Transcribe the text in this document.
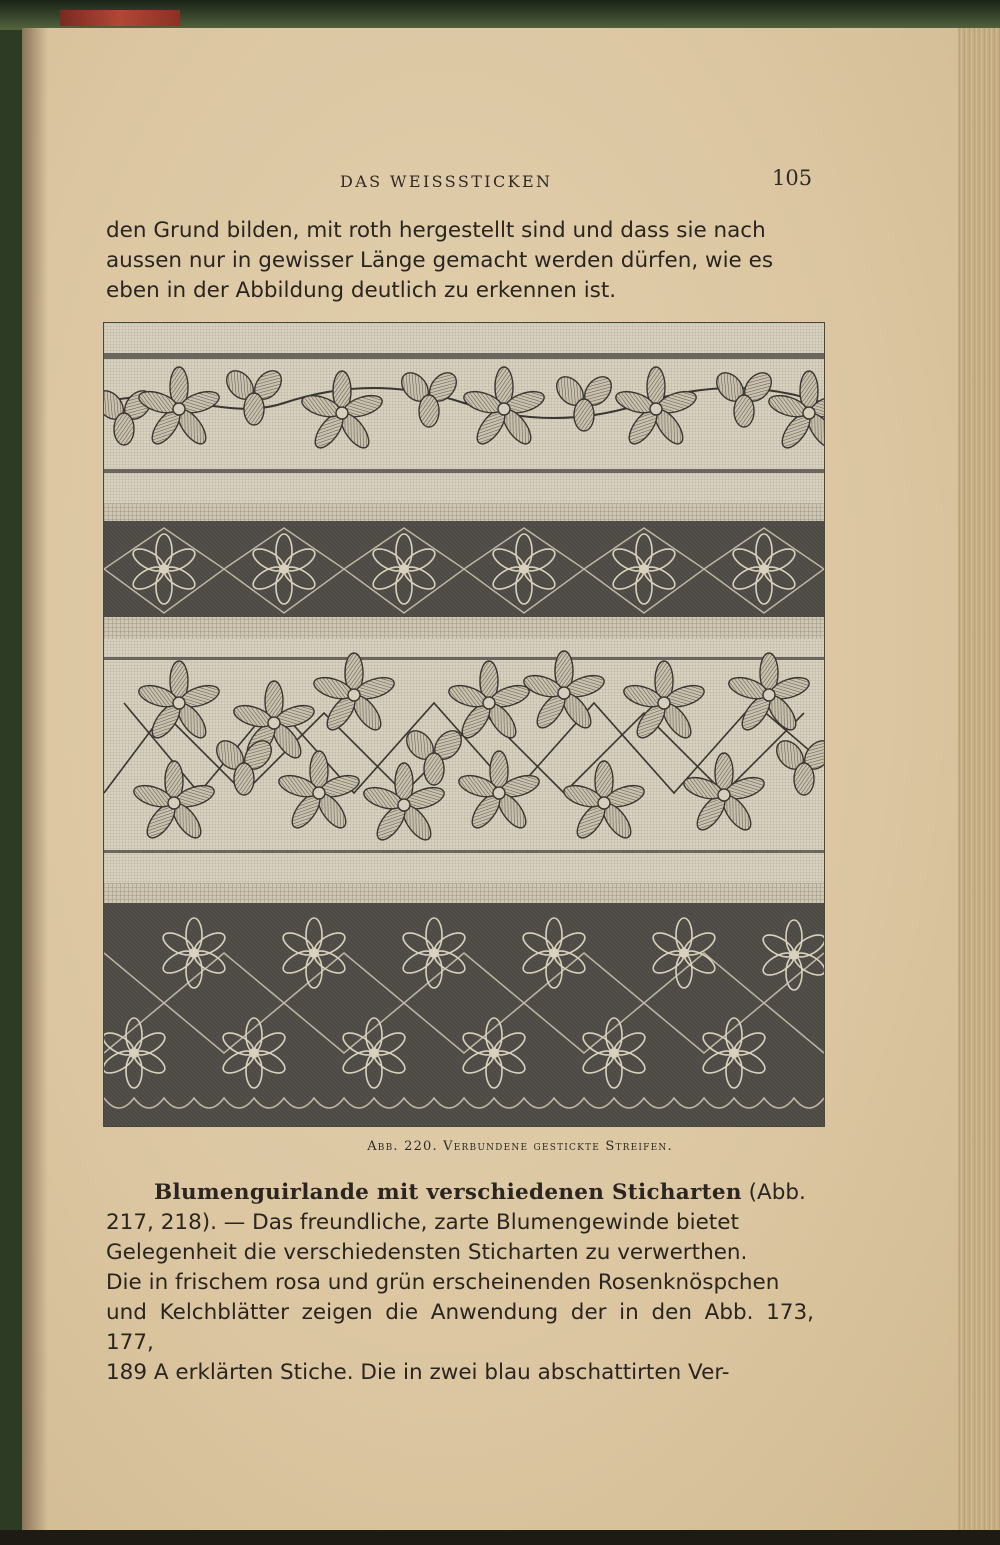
DAS WEISSSTICKEN	105
den Grund bilden, mit roth hergestellt sind und dass sie nach
aussen nur in gewisser Länge gemacht werden dürfen, wie es
eben in der Abbildung deutlich zu erkennen ist.
Abb. 220. Verbundene gestickte Streifen.
Blumenguirlande mit verschiedenen Sticharten (Abb.
217, 218). — Das freundliche, zarte Blumengewinde bietet
Gelegenheit die verschiedensten Sticharten zu verwerthen.
Die in frischem rosa und grün erscheinenden Rosenknöspchen
und Kelchblätter zeigen die Anwendung der in den Abb. 173, 177,
189 A erklärten Stiche. Die in zwei blau abschattirten Ver-
